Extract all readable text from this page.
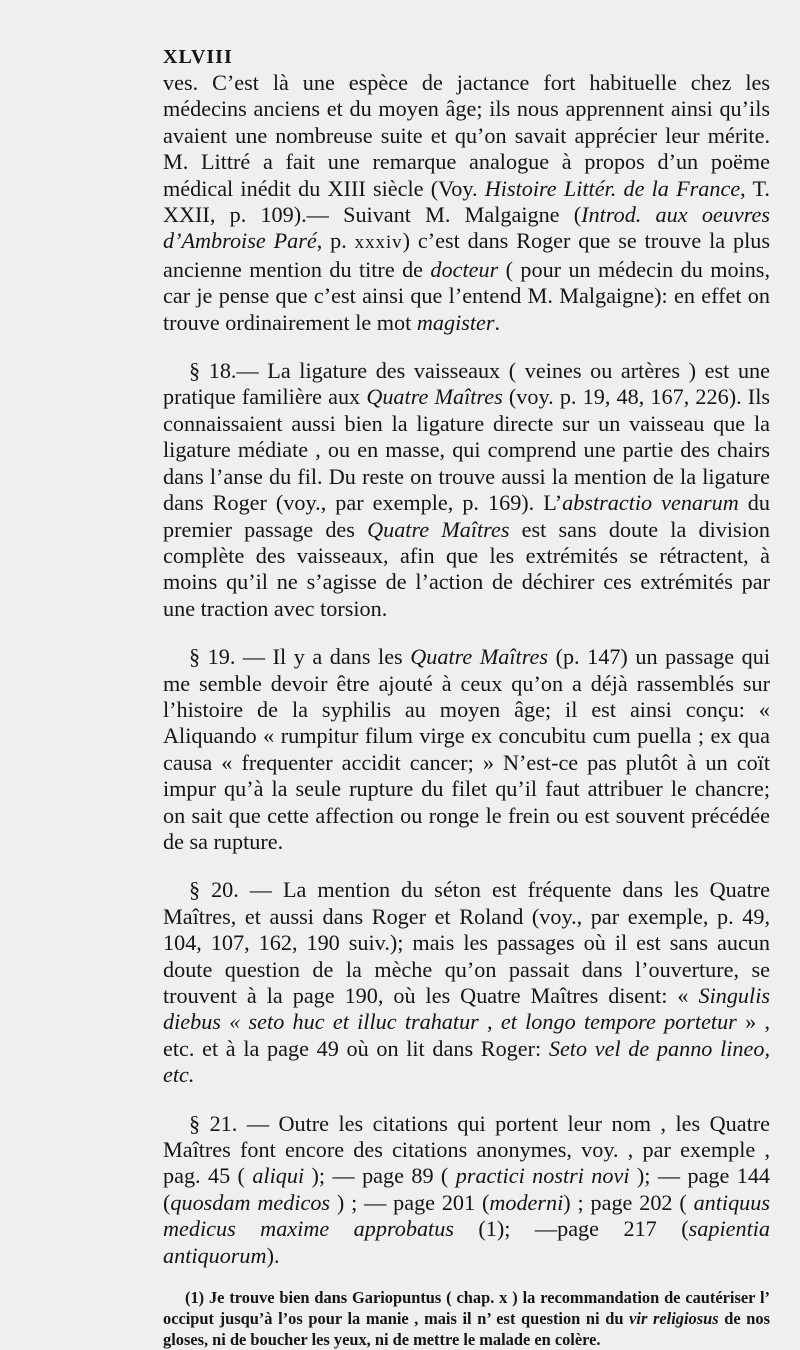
XLVIII

ves. C’est là une espèce de jactance fort habituelle chez les médecins anciens et du moyen âge; ils nous apprennent ainsi qu’ils avaient une nombreuse suite et qu’on savait apprécier leur mérite. M. Littré a fait une remarque analogue à propos d’un poëme médical inédit du XIII siècle (Voy. Histoire Littér. de la France, T. XXII, p. 109).— Suivant M. Malgaigne (Introd. aux oeuvres d’Ambroise Paré, p. xxxiv) c’est dans Roger que se trouve la plus ancienne mention du titre de docteur ( pour un médecin du moins, car je pense que c’est ainsi que l’entend M. Malgaigne): en effet on trouve ordinairement le mot magister.

§ 18.— La ligature des vaisseaux ( veines ou artères ) est une pratique familière aux Quatre Maîtres (voy. p. 19, 48, 167, 226). Ils connaissaient aussi bien la ligature directe sur un vaisseau que la ligature médiate , ou en masse, qui comprend une partie des chairs dans l’anse du fil. Du reste on trouve aussi la mention de la ligature dans Roger (voy., par exemple, p. 169). L’abstractio venarum du premier passage des Quatre Maîtres est sans doute la division complète des vaisseaux, afin que les extrémités se rétractent, à moins qu’il ne s’agisse de l’action de déchirer ces extrémités par une traction avec torsion.

§ 19. — Il y a dans les Quatre Maîtres (p. 147) un passage qui me semble devoir être ajouté à ceux qu’on a déjà rassemblés sur l’histoire de la syphilis au moyen âge; il est ainsi conçu: « Aliquando « rumpitur filum virge ex concubitu cum puella ; ex qua causa « frequenter accidit cancer; » N’est-ce pas plutôt à un coït impur qu’à la seule rupture du filet qu’il faut attribuer le chancre; on sait que cette affection ou ronge le frein ou est souvent précédée de sa rupture.

§ 20. — La mention du séton est fréquente dans les Quatre Maîtres, et aussi dans Roger et Roland (voy., par exemple, p. 49, 104, 107, 162, 190 suiv.); mais les passages où il est sans aucun doute question de la mèche qu’on passait dans l’ouverture, se trouvent à la page 190, où les Quatre Maîtres disent: « Singulis diebus « seto huc et illuc trahatur , et longo tempore portetur » , etc. et à la page 49 où on lit dans Roger: Seto vel de panno lineo, etc.

§ 21. — Outre les citations qui portent leur nom , les Quatre Maîtres font encore des citations anonymes, voy. , par exemple , pag. 45 ( aliqui ); — page 89 ( practici nostri novi ); — page 144 (quosdam medicos ) ; — page 201 (moderni) ; page 202 ( antiquus medicus maxime approbatus (1); —page 217 (sapientia antiquorum).

(1) Je trouve bien dans Gariopuntus ( chap. x ) la recommandation de cautériser l’ occiput jusqu’à l’os pour la manie , mais il n’ est question ni du vir religiosus de nos gloses, ni de boucher les yeux, ni de mettre le malade en colère.
